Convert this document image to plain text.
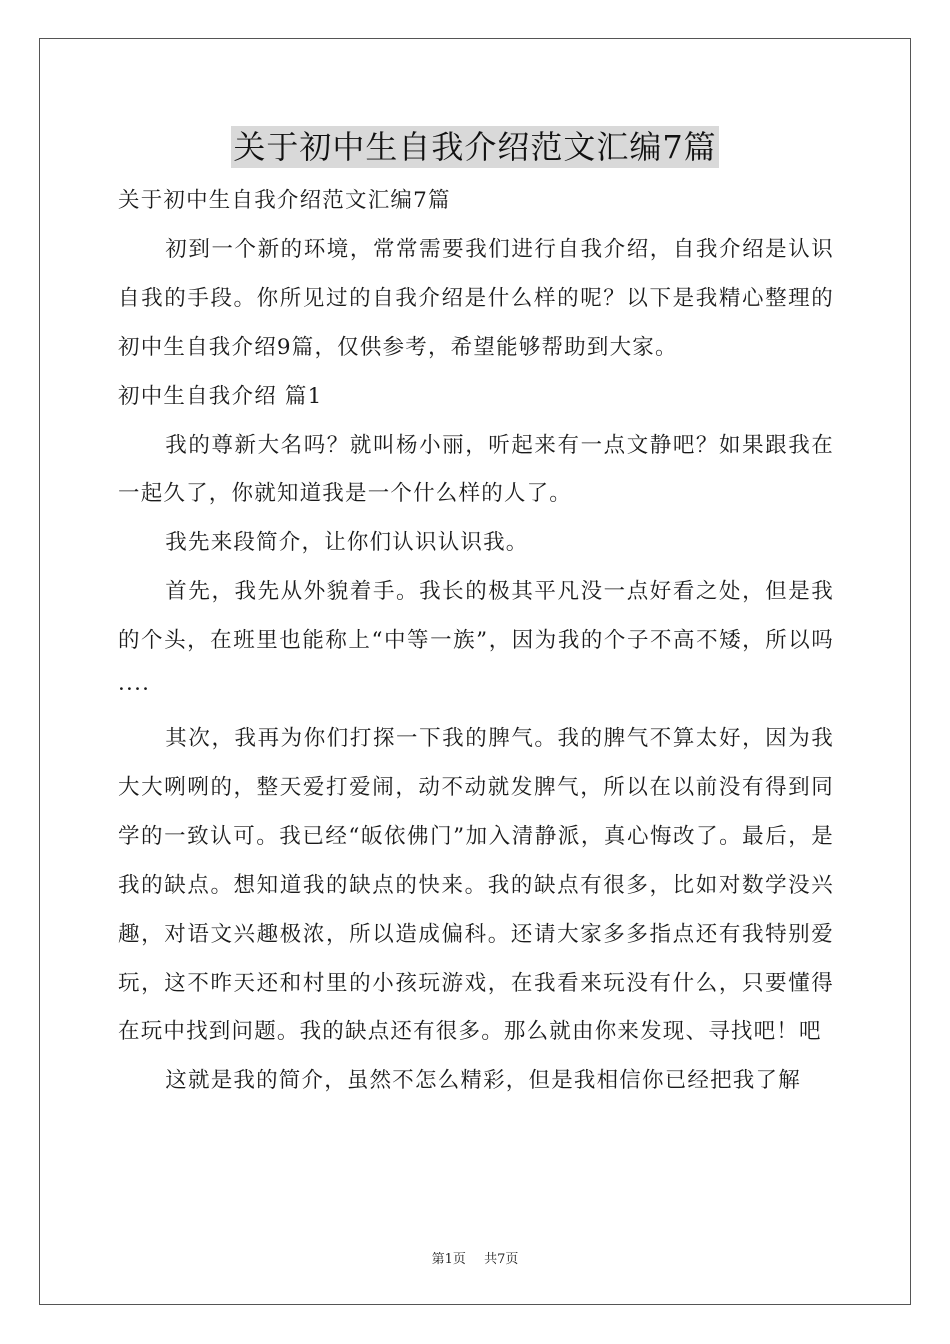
关于初中生自我介绍范文汇编7篇

关于初中生自我介绍范文汇编7篇

初到一个新的环境，常常需要我们进行自我介绍，自我介绍是认识自我的手段。你所见过的自我介绍是什么样的呢？以下是我精心整理的初中生自我介绍9篇，仅供参考，希望能够帮助到大家。

初中生自我介绍 篇1

我的尊新大名吗？就叫杨小丽，听起来有一点文静吧？如果跟我在一起久了，你就知道我是一个什么样的人了。

我先来段简介，让你们认识认识我。

首先，我先从外貌着手。我长的极其平凡没一点好看之处，但是我的个头，在班里也能称上“中等一族”，因为我的个子不高不矮，所以吗····

其次，我再为你们打探一下我的脾气。我的脾气不算太好，因为我大大咧咧的，整天爱打爱闹，动不动就发脾气，所以在以前没有得到同学的一致认可。我已经“皈依佛门”加入清静派，真心悔改了。最后，是我的缺点。想知道我的缺点的快来。我的缺点有很多，比如对数学没兴趣，对语文兴趣极浓，所以造成偏科。还请大家多多指点还有我特别爱玩，这不昨天还和村里的小孩玩游戏，在我看来玩没有什么，只要懂得在玩中找到问题。我的缺点还有很多。那么就由你来发现、寻找吧！吧

这就是我的简介，虽然不怎么精彩，但是我相信你已经把我了解

第1页 共7页
